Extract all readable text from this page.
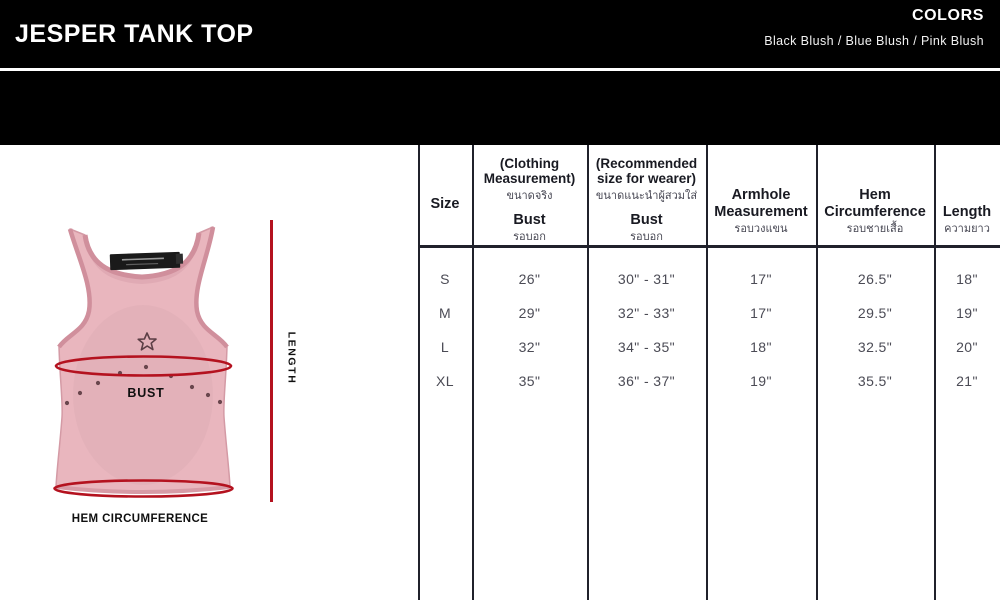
JESPER TANK TOP
COLORS
Black Blush / Blue Blush / Pink Blush
BUST
HEM CIRCUMFERENCE
LENGTH
Size
(Clothing Measurement)
ขนาดจริง
Bust
รอบอก
(Recommended size for wearer)
ขนาดแนะนำผู้สวมใส่
Bust
รอบอก
Armhole Measurement
รอบวงแขน
Hem Circumference
รอบชายเสื้อ
Length
ความยาว
S	26"	30" - 31"	17"	26.5"	18"
M	29"	32" - 33"	17"	29.5"	19"
L	32"	34" - 35"	18"	32.5"	20"
XL	35"	36" - 37"	19"	35.5"	21"
